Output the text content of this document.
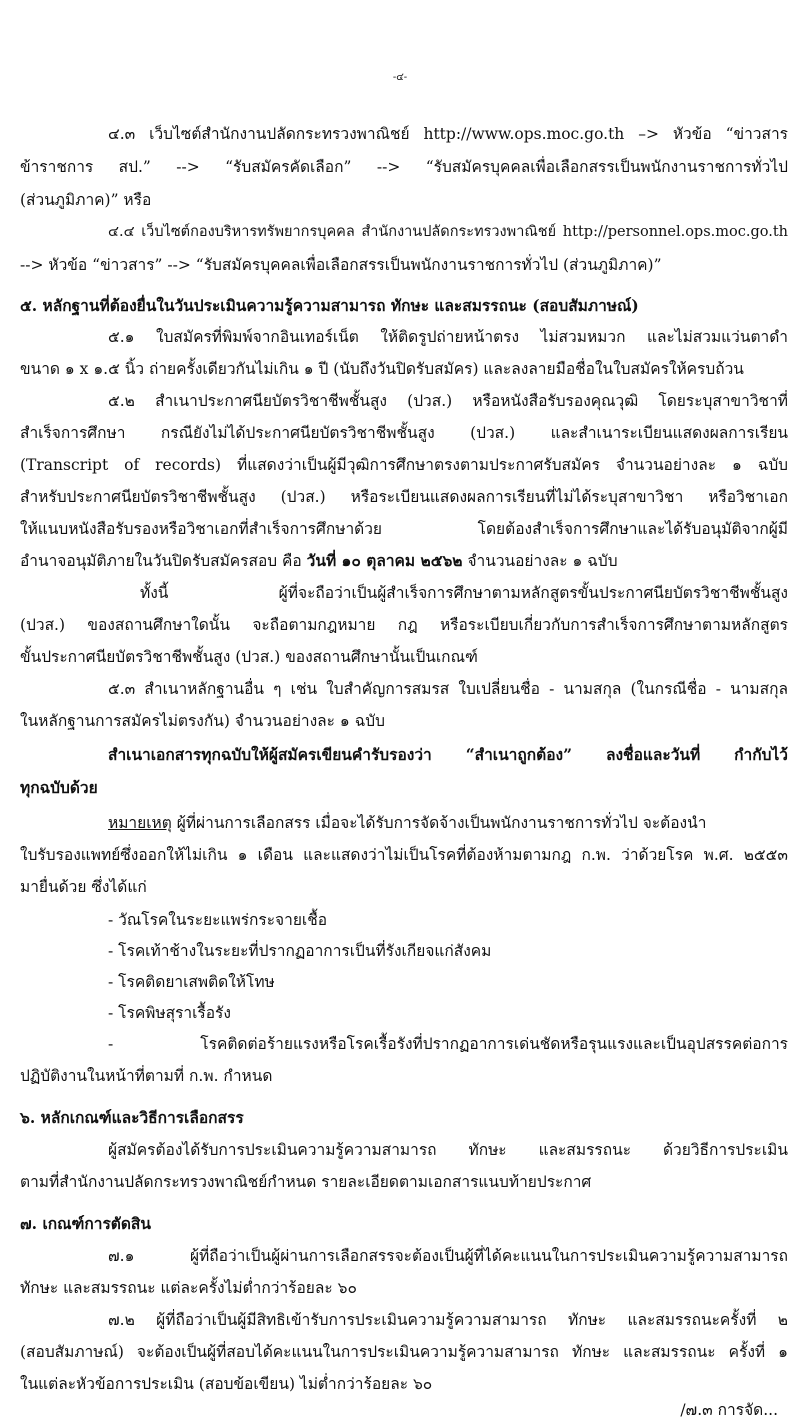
-๔-
๔.๓ เว็บไซต์สำนักงานปลัดกระทรวงพาณิชย์ http://www.ops.moc.go.th –> หัวข้อ “ข่าวสาร
ข้าราชการ สป.” --> “รับสมัครคัดเลือก” --> “รับสมัครบุคคลเพื่อเลือกสรรเป็นพนักงานราชการทั่วไป
(ส่วนภูมิภาค)” หรือ
๔.๔ เว็บไซต์กองบริหารทรัพยากรบุคคล สำนักงานปลัดกระทรวงพาณิชย์ http://personnel.ops.moc.go.th
--> หัวข้อ “ข่าวสาร” --> “รับสมัครบุคคลเพื่อเลือกสรรเป็นพนักงานราชการทั่วไป (ส่วนภูมิภาค)”
๕. หลักฐานที่ต้องยื่นในวันประเมินความรู้ความสามารถ ทักษะ และสมรรถนะ (สอบสัมภาษณ์)
๕.๑ ใบสมัครที่พิมพ์จากอินเทอร์เน็ต ให้ติดรูปถ่ายหน้าตรง ไม่สวมหมวก และไม่สวมแว่นตาดำ
ขนาด ๑ x ๑.๕ นิ้ว ถ่ายครั้งเดียวกันไม่เกิน ๑ ปี (นับถึงวันปิดรับสมัคร) และลงลายมือชื่อในใบสมัครให้ครบถ้วน
๕.๒ สำเนาประกาศนียบัตรวิชาชีพชั้นสูง (ปวส.) หรือหนังสือรับรองคุณวุฒิ โดยระบุสาขาวิชาที่
สำเร็จการศึกษา กรณียังไม่ได้ประกาศนียบัตรวิชาชีพชั้นสูง (ปวส.) และสำเนาระเบียนแสดงผลการเรียน
(Transcript of records) ที่แสดงว่าเป็นผู้มีวุฒิการศึกษาตรงตามประกาศรับสมัคร จำนวนอย่างละ ๑ ฉบับ
สำหรับประกาศนียบัตรวิชาชีพชั้นสูง (ปวส.) หรือระเบียนแสดงผลการเรียนที่ไม่ได้ระบุสาขาวิชา หรือวิชาเอก
ให้แนบหนังสือรับรองหรือวิชาเอกที่สำเร็จการศึกษาด้วย โดยต้องสำเร็จการศึกษาและได้รับอนุมัติจากผู้มี
อำนาจอนุมัติภายในวันปิดรับสมัครสอบ คือ วันที่ ๑๐ ตุลาคม ๒๕๖๒ จำนวนอย่างละ ๑ ฉบับ
ทั้งนี้ ผู้ที่จะถือว่าเป็นผู้สำเร็จการศึกษาตามหลักสูตรขั้นประกาศนียบัตรวิชาชีพชั้นสูง
(ปวส.) ของสถานศึกษาใดนั้น จะถือตามกฎหมาย กฎ หรือระเบียบเกี่ยวกับการสำเร็จการศึกษาตามหลักสูตร
ขั้นประกาศนียบัตรวิชาชีพชั้นสูง (ปวส.) ของสถานศึกษานั้นเป็นเกณฑ์
๕.๓ สำเนาหลักฐานอื่น ๆ เช่น ใบสำคัญการสมรส ใบเปลี่ยนชื่อ - นามสกุล (ในกรณีชื่อ - นามสกุล
ในหลักฐานการสมัครไม่ตรงกัน) จำนวนอย่างละ ๑ ฉบับ
สำเนาเอกสารทุกฉบับให้ผู้สมัครเขียนคำรับรองว่า “สำเนาถูกต้อง” ลงชื่อและวันที่ กำกับไว้
ทุกฉบับด้วย
หมายเหตุ ผู้ที่ผ่านการเลือกสรร เมื่อจะได้รับการจัดจ้างเป็นพนักงานราชการทั่วไป จะต้องนำ
ใบรับรองแพทย์ซึ่งออกให้ไม่เกิน ๑ เดือน และแสดงว่าไม่เป็นโรคที่ต้องห้ามตามกฎ ก.พ. ว่าด้วยโรค พ.ศ. ๒๕๕๓
มายื่นด้วย ซึ่งได้แก่
- วัณโรคในระยะแพร่กระจายเชื้อ
- โรคเท้าช้างในระยะที่ปรากฏอาการเป็นที่รังเกียจแก่สังคม
- โรคติดยาเสพติดให้โทษ
- โรคพิษสุราเรื้อรัง
- โรคติดต่อร้ายแรงหรือโรคเรื้อรังที่ปรากฏอาการเด่นชัดหรือรุนแรงและเป็นอุปสรรคต่อการ
ปฏิบัติงานในหน้าที่ตามที่ ก.พ. กำหนด
๖. หลักเกณฑ์และวิธีการเลือกสรร
ผู้สมัครต้องได้รับการประเมินความรู้ความสามารถ ทักษะ และสมรรถนะ ด้วยวิธีการประเมิน
ตามที่สำนักงานปลัดกระทรวงพาณิชย์กำหนด รายละเอียดตามเอกสารแนบท้ายประกาศ
๗. เกณฑ์การตัดสิน
๗.๑ ผู้ที่ถือว่าเป็นผู้ผ่านการเลือกสรรจะต้องเป็นผู้ที่ได้คะแนนในการประเมินความรู้ความสามารถ
ทักษะ และสมรรถนะ แต่ละครั้งไม่ต่ำกว่าร้อยละ ๖๐
๗.๒ ผู้ที่ถือว่าเป็นผู้มีสิทธิเข้ารับการประเมินความรู้ความสามารถ ทักษะ และสมรรถนะครั้งที่ ๒
(สอบสัมภาษณ์) จะต้องเป็นผู้ที่สอบได้คะแนนในการประเมินความรู้ความสามารถ ทักษะ และสมรรถนะ ครั้งที่ ๑
ในแต่ละหัวข้อการประเมิน (สอบข้อเขียน) ไม่ต่ำกว่าร้อยละ ๖๐
/๗.๓ การจัด...
